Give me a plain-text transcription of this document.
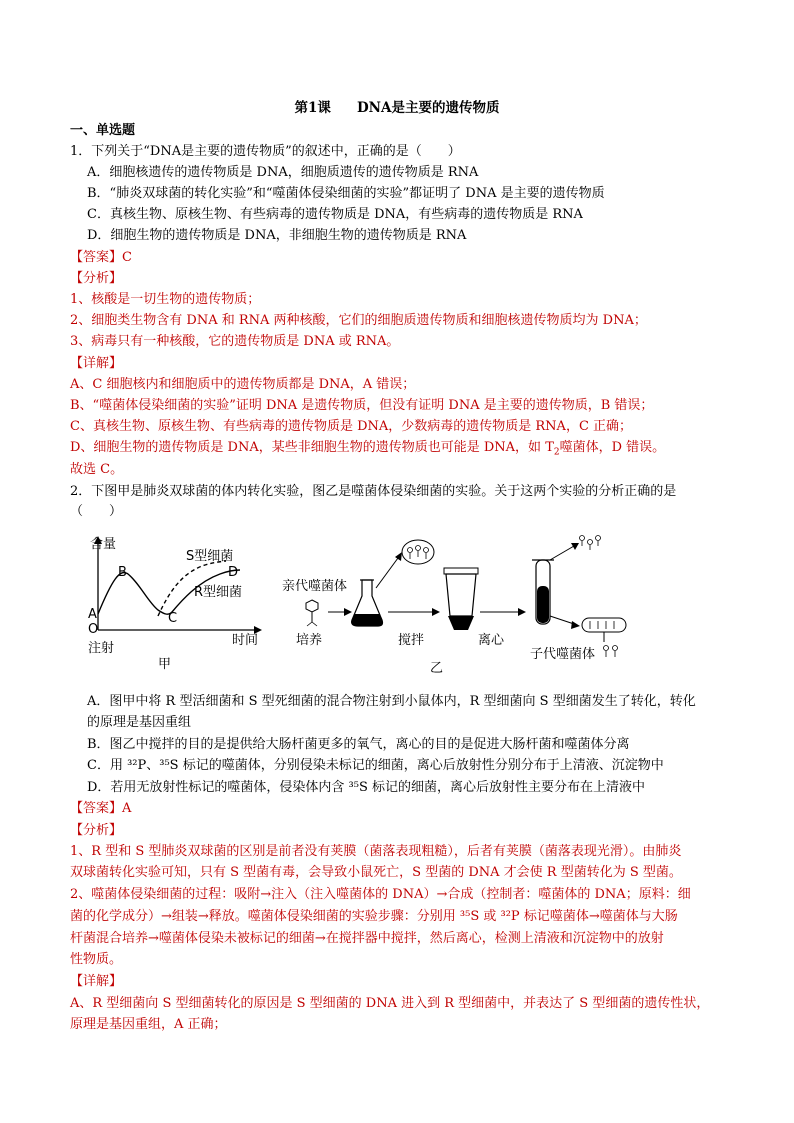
第1课 DNA是主要的遗传物质
一、单选题
1．下列关于“DNA是主要的遗传物质”的叙述中，正确的是（　　）
A．细胞核遗传的遗传物质是 DNA，细胞质遗传的遗传物质是 RNA
B．“肺炎双球菌的转化实验”和“噬菌体侵染细菌的实验”都证明了 DNA 是主要的遗传物质
C．真核生物、原核生物、有些病毒的遗传物质是 DNA，有些病毒的遗传物质是 RNA
D．细胞生物的遗传物质是 DNA，非细胞生物的遗传物质是 RNA
【答案】C
【分析】
1、核酸是一切生物的遗传物质；
2、细胞类生物含有 DNA 和 RNA 两种核酸，它们的细胞质遗传物质和细胞核遗传物质均为 DNA；
3、病毒只有一种核酸，它的遗传物质是 DNA 或 RNA。
【详解】
A、C 细胞核内和细胞质中的遗传物质都是 DNA，A 错误；
B、“噬菌体侵染细菌的实验”证明 DNA 是遗传物质，但没有证明 DNA 是主要的遗传物质，B 错误；
C、真核生物、原核生物、有些病毒的遗传物质是 DNA，少数病毒的遗传物质是 RNA，C 正确；
D、细胞生物的遗传物质是 DNA，某些非细胞生物的遗传物质也可能是 DNA，如 $T_2$噬菌体，D 错误。
故选 C。
2．下图甲是肺炎双球菌的体内转化实验，图乙是噬菌体侵染细菌的实验。关于这两个实验的分析正确的是
（　　）
含量
时间
S型细菌
R型细菌
A
B
C
D
O
注射
甲
亲代噬菌体
培养	搅拌	离心
子代噬菌体
乙
A．图甲中将 R 型活细菌和 S 型死细菌的混合物注射到小鼠体内，R 型细菌向 S 型细菌发生了转化，转化
的原理是基因重组
B．图乙中搅拌的目的是提供给大肠杆菌更多的氧气，离心的目的是促进大肠杆菌和噬菌体分离
C．用 ³²P、³⁵S 标记的噬菌体，分别侵染未标记的细菌，离心后放射性分别分布于上清液、沉淀物中
D．若用无放射性标记的噬菌体，侵染体内含 ³⁵S 标记的细菌，离心后放射性主要分布在上清液中
【答案】A
【分析】
1、R 型和 S 型肺炎双球菌的区别是前者没有荚膜（菌落表现粗糙），后者有荚膜（菌落表现光滑）。由肺炎
双球菌转化实验可知，只有 S 型菌有毒，会导致小鼠死亡，S 型菌的 DNA 才会使 R 型菌转化为 S 型菌。
2、噬菌体侵染细菌的过程：吸附→注入（注入噬菌体的 DNA）→合成（控制者：噬菌体的 DNA；原料：细
菌的化学成分）→组装→释放。噬菌体侵染细菌的实验步骤：分别用 ³⁵S 或 ³²P 标记噬菌体→噬菌体与大肠
杆菌混合培养→噬菌体侵染未被标记的细菌→在搅拌器中搅拌，然后离心，检测上清液和沉淀物中的放射
性物质。
【详解】
A、R 型细菌向 S 型细菌转化的原因是 S 型细菌的 DNA 进入到 R 型细菌中，并表达了 S 型细菌的遗传性状，
原理是基因重组，A 正确；
